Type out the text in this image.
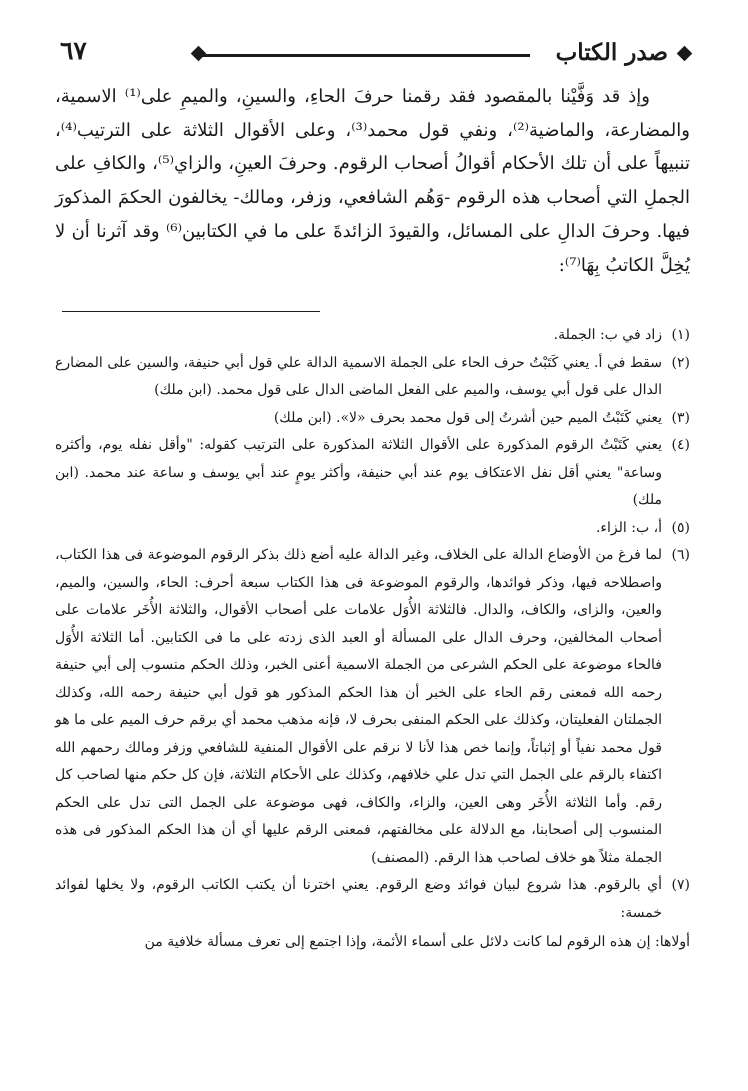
٦٧	صدر الكتاب

وإذ قد وَفَّيْنا بالمقصود فقد رقمنا حرفَ الحاءِ، والسينِ، والميمِ على⁽¹⁾ الاسمية، والمضارعة، والماضية⁽²⁾، ونفي قول محمد⁽³⁾، وعلى الأقوال الثلاثة على الترتيب⁽⁴⁾، تنبيهاً على أن تلك الأحكام أقوالُ أصحاب الرقوم. وحرفَ العينِ، والزاي⁽⁵⁾، والكافِ على الجملِ التي أصحاب هذه الرقوم -وَهُم الشافعي، وزفر، ومالك- يخالفون الحكمَ المذكورَ فيها. وحرفَ الدالِ على المسائل، والقيودَ الزائدةَ على ما في الكتابين⁽⁶⁾ وقد آثرنا أن لا يُخِلَّ الكاتبُ بِهَا⁽⁷⁾:

(١)
زاد في ب: الجملة.
(٢)
سقط في أ. يعني كَتَبْتُ حرف الحاء على الجملة الاسمية الدالة علي قول أبي حنيفة، والسين على المضارع الدال على قول أبي يوسف، والميم على الفعل الماضى الدال على قول محمد. (ابن ملك)
(٣)
يعني كَتَبْتُ الميم حين أشرتُ إلى قول محمد بحرف «لا». (ابن ملك)
(٤)
يعني كَتَبْتُ الرقوم المذكورة على الأقوال الثلاثة المذكورة على الترتيب كقوله: "وأقل نفله يوم، وأكثره وساعة" يعني أقل نفل الاعتكاف يوم عند أبي حنيفة، وأكثر يومٍ عند أبي يوسف و ساعة عند محمد. (ابن ملك)
(٥)
أ، ب: الزاء.
(٦)
لما فرغ من الأوضاع الدالة على الخلاف، وغير الدالة عليه أضع ذلك بذكر الرقوم الموضوعة فى هذا الكتاب، واصطلاحه فيها، وذكر فوائدها، والرقوم الموضوعة فى هذا الكتاب سبعة أحرف: الحاء، والسين، والميم، والعين، والزاى، والكاف، والدال. فالثلاثة الأُوَل علامات على أصحاب الأقوال، والثلاثة الأُخَر علامات على أصحاب المخالفين، وحرف الدال على المسألة أو العبد الذى زدته على ما فى الكتابين. أما الثلاثة الأُوَل فالحاء موضوعة على الحكم الشرعى من الجملة الاسمية أعنى الخبر، وذلك الحكم منسوب إلى أبي حنيفة رحمه الله فمعنى رقم الحاء على الخبر أن هذا الحكم المذكور هو قول أبي حنيفة رحمه الله، وكذلك الجملتان الفعليتان، وكذلك على الحكم المنفى بحرف لا، فإنه مذهب محمد أي برقم حرف الميم على ما هو قول محمد نفياً أو إثباتاً، وإنما خص هذا لأنا لا نرقم على الأقوال المنفية للشافعي وزفر ومالك رحمهم الله اكتفاء بالرقم على الجمل التي تدل علي خلافهم، وكذلك على الأحكام الثلاثة، فإن كل حكم منها لصاحب كل رقم. وأما الثلاثة الأُخَر وهى العين، والزاء، والكاف، فهى موضوعة على الجمل التى تدل على الحكم المنسوب إلى أصحابنا، مع الدلالة على مخالفتهم، فمعنى الرقم عليها أي أن هذا الحكم المذكور فى هذه الجملة مثلاً هو خلاف لصاحب هذا الرقم. (المصنف)
(٧)
أي بالرقوم. هذا شروع لبيان فوائد وضع الرقوم. يعني اخترنا أن يكتب الكاتب الرقوم، ولا يخلها لفوائد خمسة:
أولاها: إن هذه الرقوم لما كانت دلائل على أسماء الأئمة، وإذا اجتمع إلى تعرف مسألة خلافية من
